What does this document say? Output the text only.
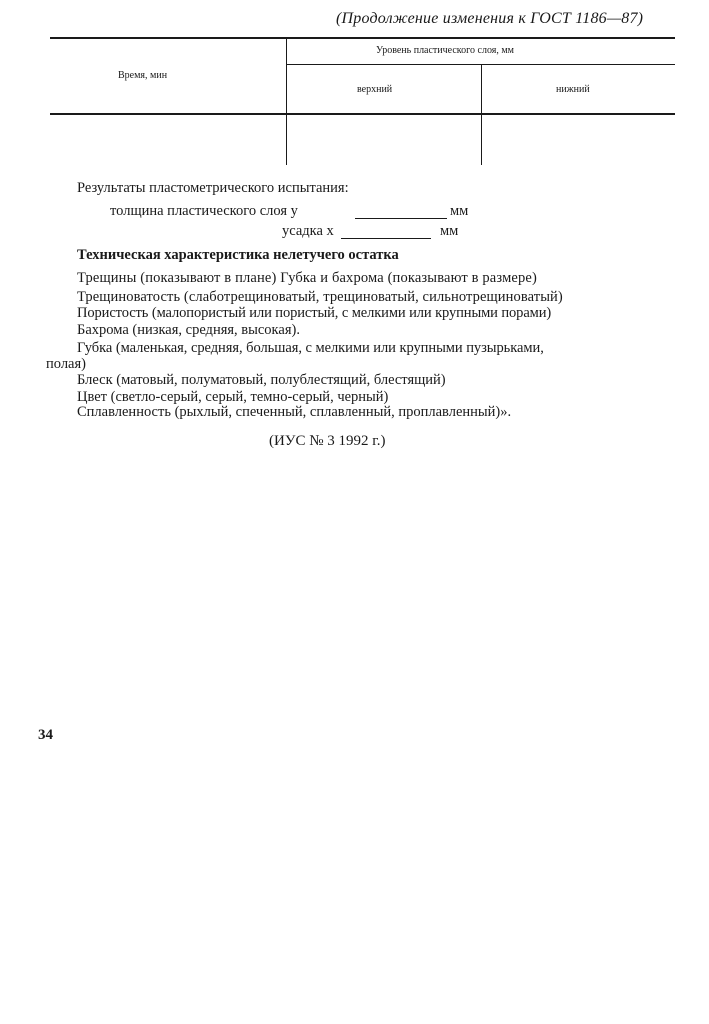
(Продолжение изменения к ГОСТ 1186—87)
Время, мин
Уровень пластического слоя, мм
верхний	нижний
Результаты пластометрического испытания:
толщина пластического слоя у	мм
усадка х	мм
Техническая характеристика нелетучего остатка
Трещины (показывают в плане) Губка и бахрома (показывают в размере)
Трещиноватость (слаботрещиноватый, трещиноватый, сильнотрещиноватый)
Пористость (малопористый или пористый, с мелкими или крупными порами)
Бахрома (низкая, средняя, высокая).
Губка (маленькая, средняя, большая, с мелкими или крупными пузырьками,
полая)
Блеск (матовый, полуматовый, полублестящий, блестящий)
Цвет (светло-серый, серый, темно-серый, черный)
Сплавленность (рыхлый, спеченный, сплавленный, проплавленный)».
(ИУС № 3 1992 г.)
34
